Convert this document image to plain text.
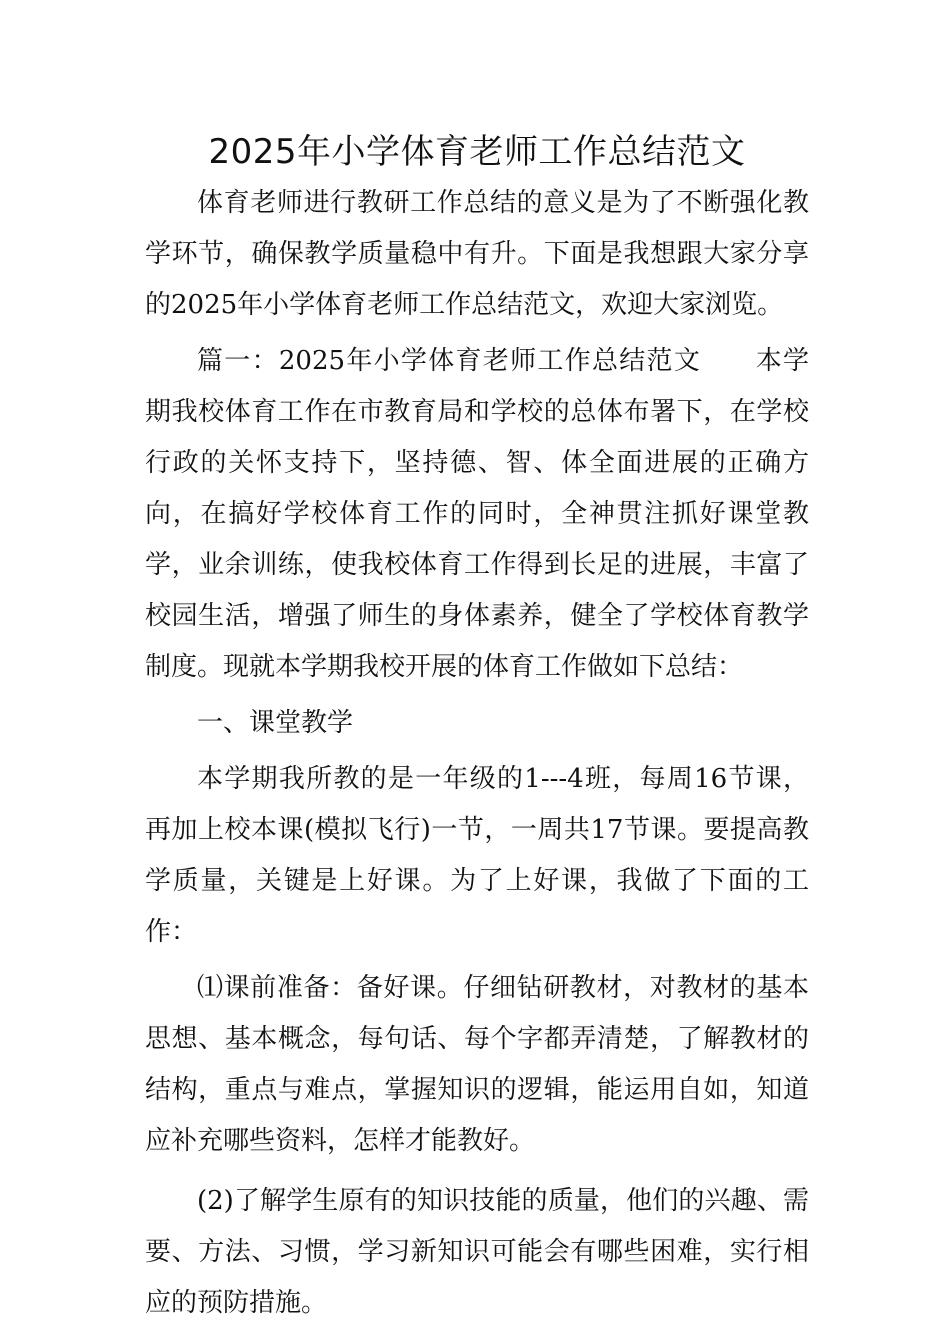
2025年小学体育老师工作总结范文

体育老师进行教研工作总结的意义是为了不断强化教学环节，确保教学质量稳中有升。下面是我想跟大家分享的2025年小学体育老师工作总结范文，欢迎大家浏览。

篇一：2025年小学体育老师工作总结范文　　本学期我校体育工作在市教育局和学校的总体布署下，在学校行政的关怀支持下，坚持德、智、体全面进展的正确方向，在搞好学校体育工作的同时，全神贯注抓好课堂教学，业余训练，使我校体育工作得到长足的进展，丰富了校园生活，增强了师生的身体素养，健全了学校体育教学制度。现就本学期我校开展的体育工作做如下总结：

一、课堂教学

本学期我所教的是一年级的1---4班，每周16节课，再加上校本课(模拟飞行)一节，一周共17节课。要提高教学质量，关键是上好课。为了上好课，我做了下面的工作：

⑴课前准备：备好课。仔细钻研教材，对教材的基本思想、基本概念，每句话、每个字都弄清楚，了解教材的结构，重点与难点，掌握知识的逻辑，能运用自如，知道应补充哪些资料，怎样才能教好。

(2)了解学生原有的知识技能的质量，他们的兴趣、需要、方法、习惯，学习新知识可能会有哪些困难，实行相应的预防措施。
